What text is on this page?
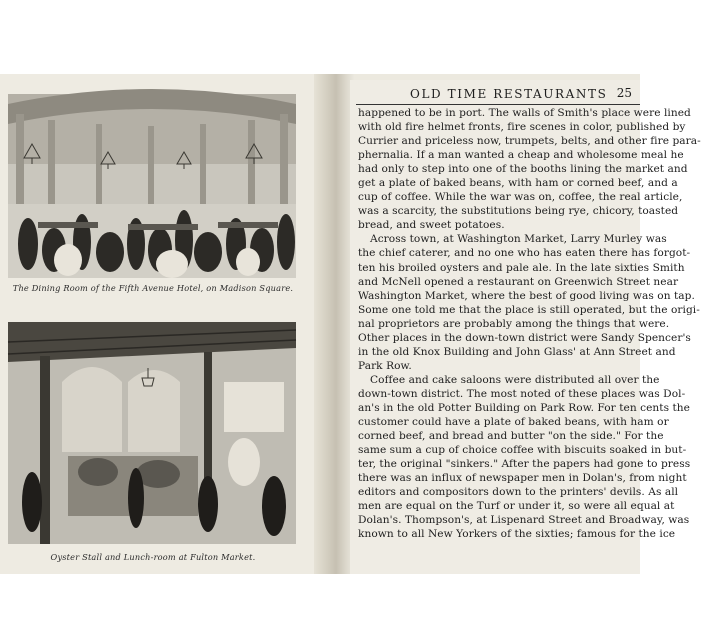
The Dining Room of the Fifth Avenue Hotel, on Madison Square.
Oyster Stall and Lunch-room at Fulton Market.
OLD TIME RESTAURANTS 25
happened to be in port. The walls of Smith's place were lined
with old fire helmet fronts, fire scenes in color, published by
Currier and priceless now, trumpets, belts, and other fire para-
phernalia. If a man wanted a cheap and wholesome meal he
had only to step into one of the booths lining the market and
get a plate of baked beans, with ham or corned beef, and a
cup of coffee. While the war was on, coffee, the real article,
was a scarcity, the substitutions being rye, chicory, toasted
bread, and sweet potatoes.
Across town, at Washington Market, Larry Murley was
the chief caterer, and no one who has eaten there has forgot-
ten his broiled oysters and pale ale. In the late sixties Smith
and McNell opened a restaurant on Greenwich Street near
Washington Market, where the best of good living was on tap.
Some one told me that the place is still operated, but the origi-
nal proprietors are probably among the things that were.
Other places in the down-town district were Sandy Spencer's
in the old Knox Building and John Glass' at Ann Street and
Park Row.
Coffee and cake saloons were distributed all over the
down-town district. The most noted of these places was Dol-
an's in the old Potter Building on Park Row. For ten cents the
customer could have a plate of baked beans, with ham or
corned beef, and bread and butter "on the side." For the
same sum a cup of choice coffee with biscuits soaked in but-
ter, the original "sinkers." After the papers had gone to press
there was an influx of newspaper men in Dolan's, from night
editors and compositors down to the printers' devils. As all
men are equal on the Turf or under it, so were all equal at
Dolan's. Thompson's, at Lispenard Street and Broadway, was
known to all New Yorkers of the sixties; famous for the ice
